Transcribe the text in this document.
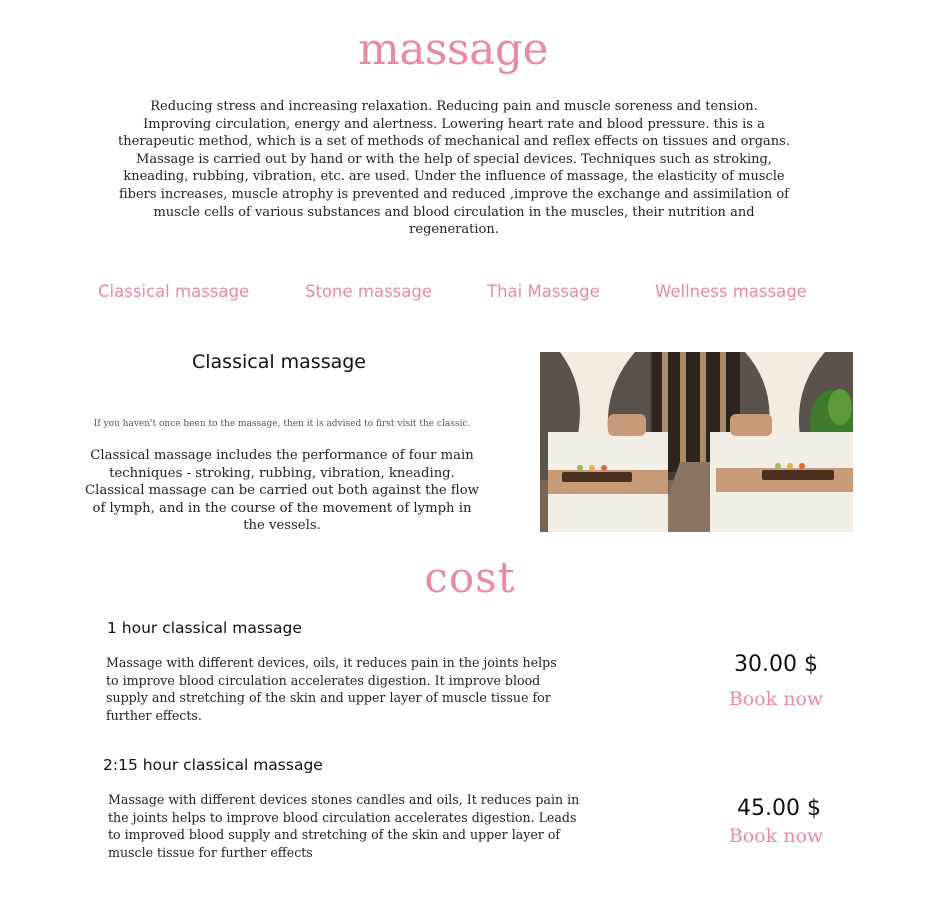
massage
Reducing stress and increasing relaxation. Reducing pain and muscle soreness and tension. Improving circulation, energy and alertness. Lowering heart rate and blood pressure. this is a therapeutic method, which is a set of methods of mechanical and reflex effects on tissues and organs. Massage is carried out by hand or with the help of special devices. Techniques such as stroking, kneading, rubbing, vibration, etc. are used. Under the influence of massage, the elasticity of muscle fibers increases, muscle atrophy is prevented and reduced ,improve the exchange and assimilation of muscle cells of various substances and blood circulation in the muscles, their nutrition and regeneration.
Classical massage	Stone massage	Thai Massage	Wellness massage
Classical massage
If you haven't once been to the massage, then it is advised to first visit the classic.
Classical massage includes the performance of four main techniques - stroking, rubbing, vibration, kneading. Classical massage can be carried out both against the flow of lymph, and in the course of the movement of lymph in the vessels.
cost
1 hour classical massage
Massage with different devices, oils, it reduces pain in the joints helps to improve blood circulation accelerates digestion. It improve blood supply and stretching of the skin and upper layer of muscle tissue for further effects.
30.00 $
Book now
2:15 hour classical massage
Massage with different devices stones candles and oils, It reduces pain in the joints helps to improve blood circulation accelerates digestion. Leads to improved blood supply and stretching of the skin and upper layer of muscle tissue for further effects
45.00 $
Book now
